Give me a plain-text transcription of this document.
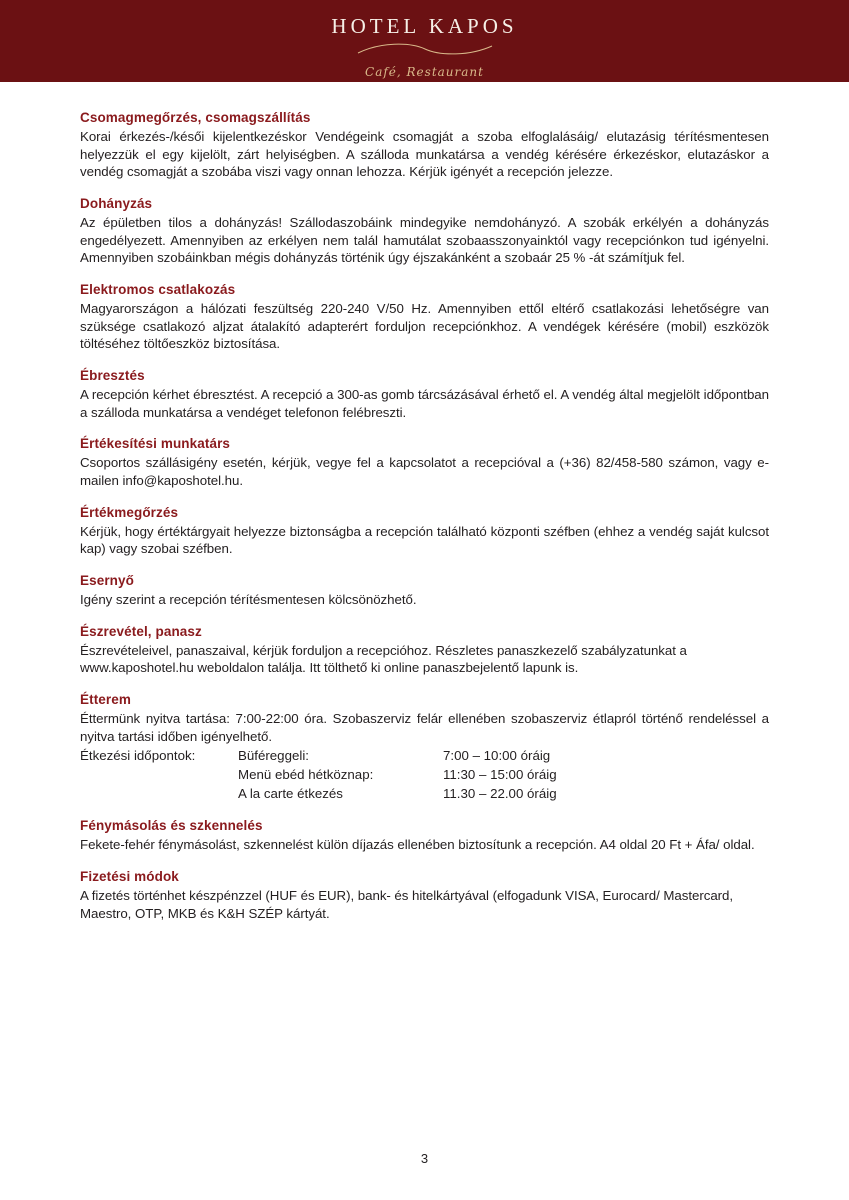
HOTEL KAPOS
Café, Restaurant
Csomagmegőrzés, csomagszállítás

Korai érkezés-/késői kijelentkezéskor Vendégeink csomagját a szoba elfoglalásáig/ elutazásig térítésmentesen helyezzük el egy kijelölt, zárt helyiségben. A szálloda munkatársa a vendég kérésére érkezéskor, elutazáskor a vendég csomagját a szobába viszi vagy onnan lehozza. Kérjük igényét a recepción jelezze.

Dohányzás

Az épületben tilos a dohányzás! Szállodaszobáink mindegyike nemdohányzó. A szobák erkélyén a dohányzás engedélyezett. Amennyiben az erkélyen nem talál hamutálat szobaasszonyainktól vagy recepciónkon tud igényelni. Amennyiben szobáinkban mégis dohányzás történik úgy éjszakánként a szobaár 25 % -át számítjuk fel.

Elektromos csatlakozás

Magyarországon a hálózati feszültség 220-240 V/50 Hz. Amennyiben ettől eltérő csatlakozási lehetőségre van szüksége csatlakozó aljzat átalakító adapterért forduljon recepciónkhoz. A vendégek kérésére (mobil) eszközök töltéséhez töltőeszköz biztosítása.

Ébresztés

A recepción kérhet ébresztést. A recepció a 300-as gomb tárcsázásával érhető el. A vendég által megjelölt időpontban a szálloda munkatársa a vendéget telefonon felébreszti.

Értékesítési munkatárs

Csoportos szállásigény esetén, kérjük, vegye fel a kapcsolatot a recepcióval a (+36) 82/458-580 számon, vagy e-mailen info@kaposhotel.hu.

Értékmegőrzés

Kérjük, hogy értéktárgyait helyezze biztonságba a recepción található központi széfben (ehhez a vendég saját kulcsot kap) vagy szobai széfben.

Esernyő

Igény szerint a recepción térítésmentesen kölcsönözhető.

Észrevétel, panasz

Észrevételeivel, panaszaival, kérjük forduljon a recepcióhoz. Részletes panaszkezelő szabályzatunkat a www.kaposhotel.hu weboldalon találja. Itt tölthető ki online panaszbejelentő lapunk is.

Étterem

Éttermünk nyitva tartása: 7:00-22:00 óra. Szobaszerviz felár ellenében szobaszerviz étlapról történő rendeléssel a nyitva tartási időben igényelhető.

Étkezési időpontok:	Büféreggeli:	7:00 – 10:00 óráig
	Menü ebéd hétköznap:	11:30 – 15:00 óráig
	A la carte étkezés	11.30 – 22.00 óráig
Fénymásolás és szkennelés

Fekete-fehér fénymásolást, szkennelést külön díjazás ellenében biztosítunk a recepción. A4 oldal 20 Ft + Áfa/ oldal.

Fizetési módok

A fizetés történhet készpénzzel (HUF és EUR), bank- és hitelkártyával (elfogadunk VISA, Eurocard/ Mastercard, Maestro, OTP, MKB és K&H SZÉP kártyát.

3
